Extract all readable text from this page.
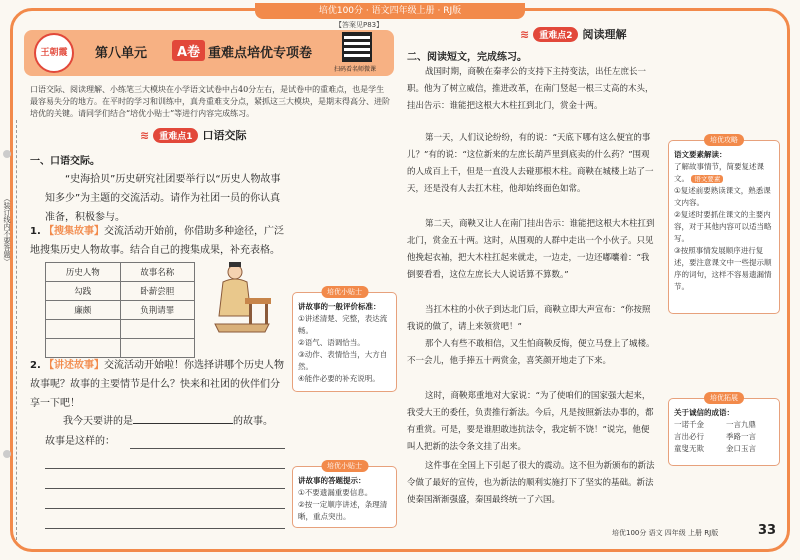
培优100分 · 语文四年级上册 · RJ版
（装订线内不要答题）
王朝霞	第八单元	A卷 重难点培优专项卷
扫码看名师微课
【答案见P83】
口语交际、阅读理解、小练笔三大模块在小学语文试卷中占40分左右，是试卷中的重难点，也是学生最容易失分的地方。在平时的学习和训练中，真舟重难支分点，紧抓这三大模块，是期末得高分、进阶培优的关键。请同学们结合“培优小贴士”等进行内容完成练习。
≋	重难点1 口语交际
一、口语交际。
“史海拾贝”历史研究社团要举行以“历史人物故事知多少”为主题的交流活动。请作为社团一员的你认真准备，积极参与。
1. 【搜集故事】交流活动开始前，你借助多种途径，广泛地搜集历史人物故事。结合自己的搜集成果，补充表格。
历史人物	故事名称
勾践	卧薪尝胆
廉颇	负荆请罪

2. 【讲述故事】交流活动开始啦！你选择讲哪个历史人物故事呢？故事的主要情节是什么？快来和社团的伙伴们分享一下吧！
我今天要讲的是	的故事。
故事是这样的：
培优小贴士
讲故事的一般评价标准：
①讲述清楚、完整，表达流畅。
②语气、语调恰当。
③动作、表情恰当，大方自然。
④能作必要的补充说明。
培优小贴士
讲故事的答题提示：
①不要遗漏重要信息。
②按一定顺序讲述，条理清晰，重点突出。
≋	重难点2 阅读理解
二、阅读短文，完成练习。
战国时期，商鞅在秦孝公的支持下主持变法，出任左庶长一职。他为了树立威信，推进改革，在南门竖起一根三丈高的木头，挂出告示：谁能把这根大木柱扛到北门，赏金十两。
第一天，人们议论纷纷，有的说：“天底下哪有这么便宜的事儿？”有的说：“这位新来的左庶长葫芦里到底卖的什么药？”围观的人成百上千，但是一直没人去碰那根木柱。商鞅在城楼上站了一天，还是没有人去扛木柱，他却始终面色如常。
第二天，商鞅又让人在南门挂出告示：谁能把这根大木柱扛到北门，赏金五十两。这时，从围观的人群中走出一个小伙子。只见他挽起衣袖，把大木柱扛起来就走，一边走，一边还嘟囔着：“我倒要看看，这位左庶长大人说话算不算数。”
当扛木柱的小伙子到达北门后，商鞅立即大声宣布：“你按照我说的做了，请上来领赏吧！”
那个人有些不敢相信，又生怕商鞅反悔，便立马登上了城楼。不一会儿，他手捧五十两赏金，喜笑颜开地走了下来。
这时，商鞅郑重地对大家说：“为了使咱们的国家强大起来，我受大王的委任，负责推行新法。今后，凡是按照新法办事的，都有重赏。可是，要是谁胆敢违抗法令，我定斩不饶！”说完，他便叫人把新的法令条文挂了出来。
这件事在全国上下引起了很大的震动。这不但为新颁布的新法令做了最好的宣传，也为新法的顺利实施打下了坚实的基础。新法使秦国渐渐强盛，秦国最终统一了六国。
培优攻略
语文要素解读：
了解故事情节，简要复述课文。 语文要素
①复述前要熟读课文，熟悉课文内容。
②复述时要抓住课文的主要内容，对于其他内容可以适当略写。
③按照事情发展顺序进行复述，要注意课文中一些提示顺序的词句，这样不容易遗漏情节。
培优拓展
关于诚信的成语：
一诺千金	一言九鼎
言出必行	季路一言
童叟无欺	金口玉言
培优100分 语文 四年级 上册 RJ版	33
